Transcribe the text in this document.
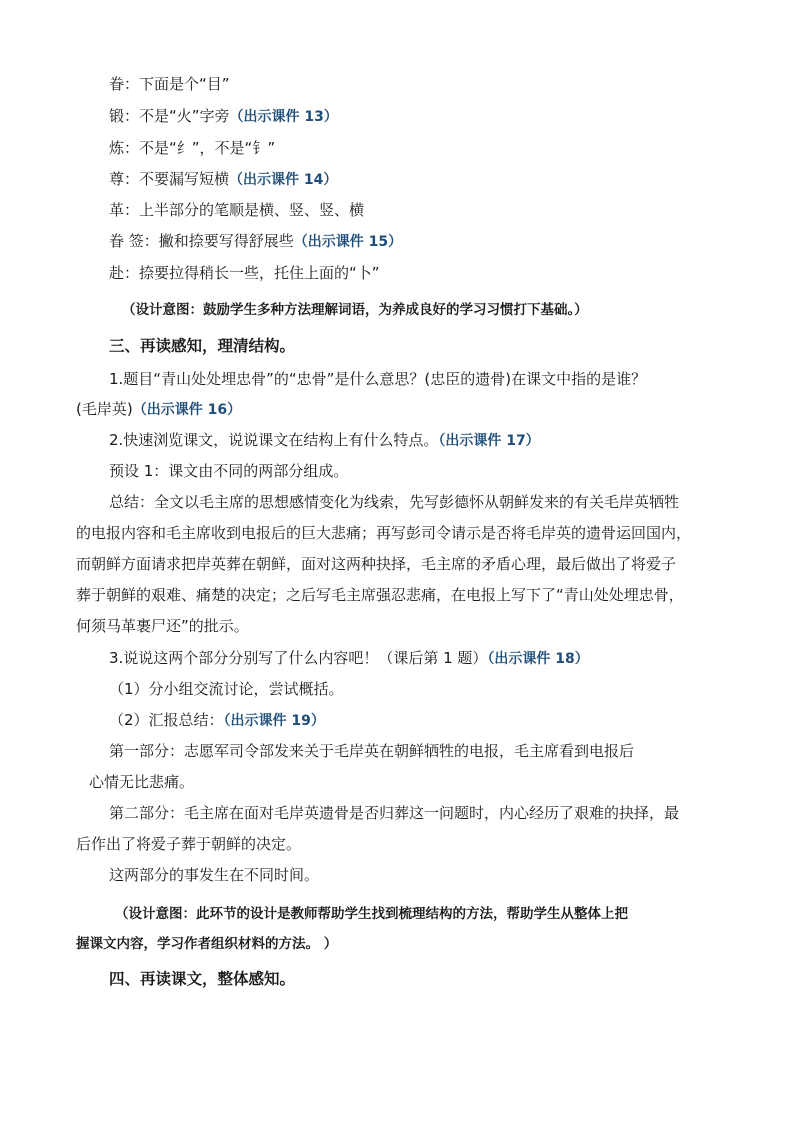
眷：下面是个“目”
锻：不是“火”字旁（出示课件 13）
炼：不是“纟”，不是“钅”
尊：不要漏写短横（出示课件 14）
革：上半部分的笔顺是横、竖、竖、横
眷 签：撇和捺要写得舒展些（出示课件 15）
赴：捺要拉得稍长一些，托住上面的“卜”
（设计意图：鼓励学生多种方法理解词语，为养成良好的学习习惯打下基础。）
三、再读感知，理清结构。
1.题目“青山处处埋忠骨”的“忠骨”是什么意思？(忠臣的遗骨)在课文中指的是谁？
(毛岸英)（出示课件 16）
2.快速浏览课文，说说课文在结构上有什么特点。（出示课件 17）
预设 1：课文由不同的两部分组成。
总结：全文以毛主席的思想感情变化为线索，先写彭德怀从朝鲜发来的有关毛岸英牺牲
的电报内容和毛主席收到电报后的巨大悲痛；再写彭司令请示是否将毛岸英的遗骨运回国内，
而朝鲜方面请求把岸英葬在朝鲜，面对这两种抉择，毛主席的矛盾心理，最后做出了将爱子
葬于朝鲜的艰难、痛楚的决定；之后写毛主席强忍悲痛，在电报上写下了“青山处处埋忠骨，
何须马革裹尸还”的批示。
3.说说这两个部分分别写了什么内容吧！（课后第 1 题）（出示课件 18）
（1）分小组交流讨论，尝试概括。
（2）汇报总结：（出示课件 19）
第一部分：志愿军司令部发来关于毛岸英在朝鲜牺牲的电报，毛主席看到电报后
心情无比悲痛。
第二部分：毛主席在面对毛岸英遗骨是否归葬这一问题时，内心经历了艰难的抉择，最
后作出了将爱子葬于朝鲜的决定。
这两部分的事发生在不同时间。
（设计意图：此环节的设计是教师帮助学生找到梳理结构的方法，帮助学生从整体上把
握课文内容，学习作者组织材料的方法。 ）
四、再读课文，整体感知。
